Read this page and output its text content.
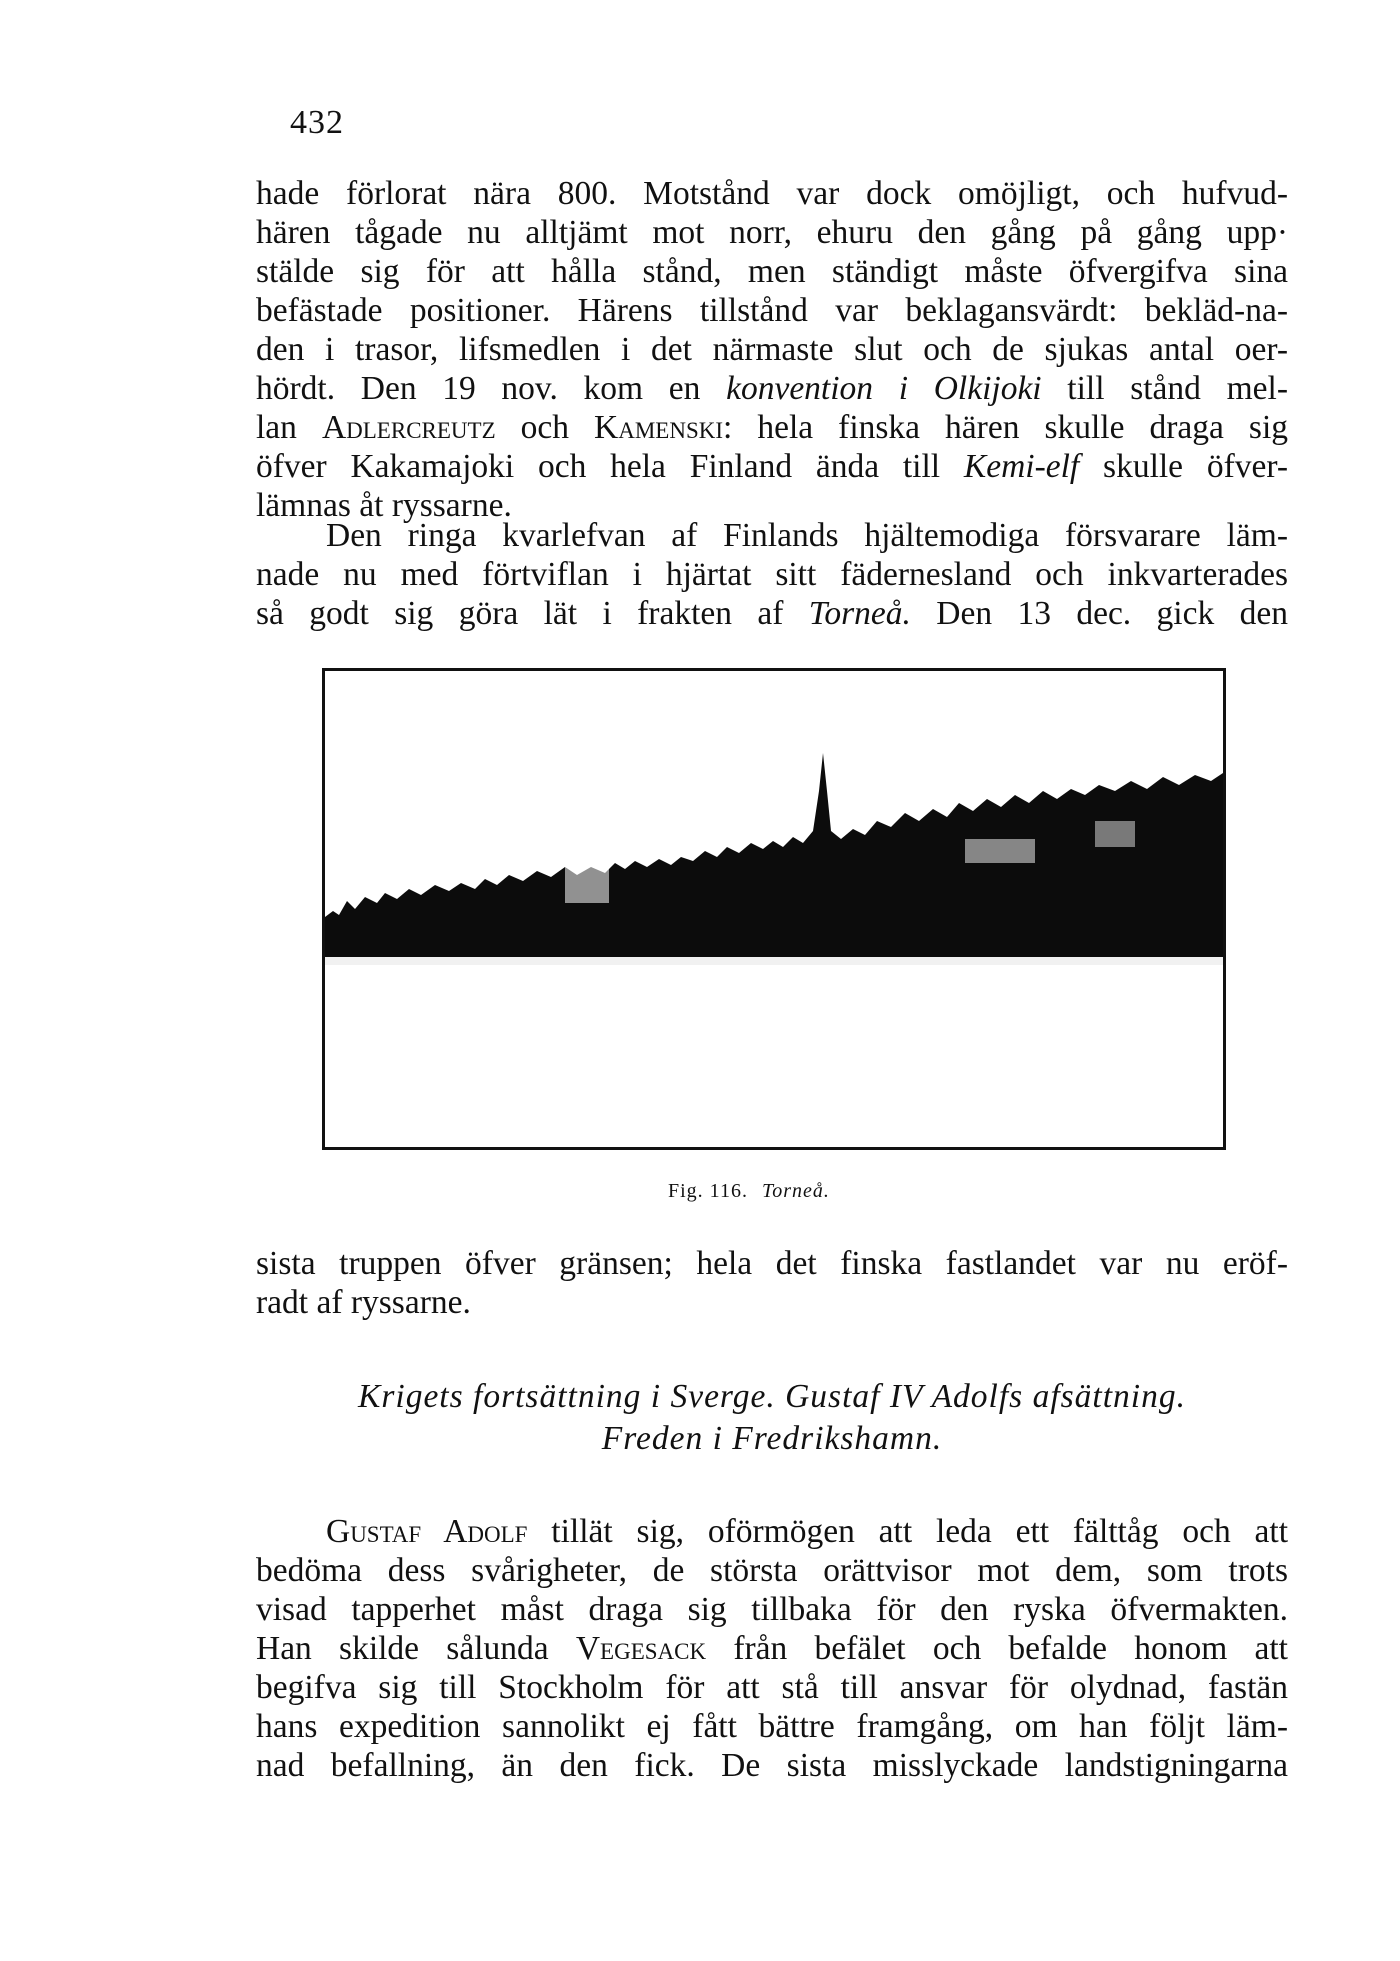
432
hade förlorat nära 800. Motstånd var dock omöjligt, och hufvud-
hären tågade nu alltjämt mot norr, ehuru den gång på gång upp·
stälde sig för att hålla stånd, men ständigt måste öfvergifva sina
befästade positioner. Härens tillstånd var beklagansvärdt: bekläd-na-
den i trasor, lifsmedlen i det närmaste slut och de sjukas antal oer-
hördt. Den 19 nov. kom en konvention i Olkijoki till stånd mel-
lan Adlercreutz och Kamenski: hela finska hären skulle draga sig
öfver Kakamajoki och hela Finland ända till Kemi-elf skulle öfver-
lämnas åt ryssarne.
Den ringa kvarlefvan af Finlands hjältemodiga försvarare läm-
nade nu med förtviflan i hjärtat sitt fädernesland och inkvarterades
så godt sig göra lät i frakten af Torneå. Den 13 dec. gick den
Fig. 116. Torneå.
sista truppen öfver gränsen; hela det finska fastlandet var nu eröf-
radt af ryssarne.
Krigets fortsättning i Sverge. Gustaf IV Adolfs afsättning.
Freden i Fredrikshamn.
Gustaf Adolf tillät sig, oförmögen att leda ett fälttåg och att
bedöma dess svårigheter, de största orättvisor mot dem, som trots
visad tapperhet måst draga sig tillbaka för den ryska öfvermakten.
Han skilde sålunda Vegesack från befälet och befalde honom att
begifva sig till Stockholm för att stå till ansvar för olydnad, fastän
hans expedition sannolikt ej fått bättre framgång, om han följt läm-
nad befallning, än den fick. De sista misslyckade landstigningarna
